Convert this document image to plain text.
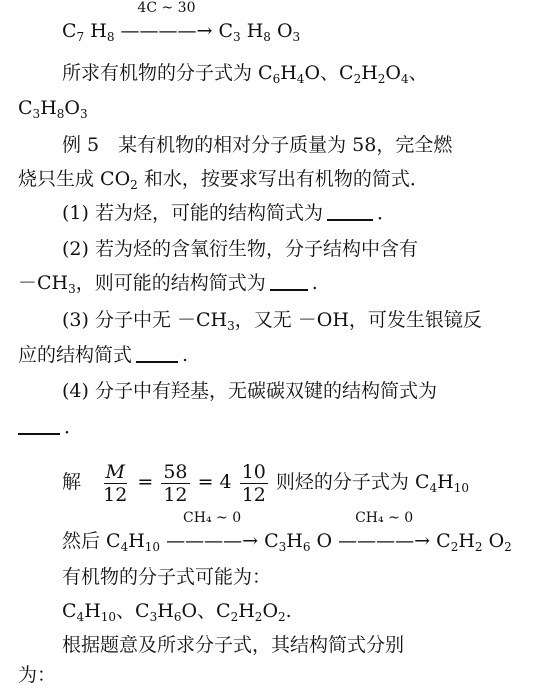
$C_7$ $H_8$
4C ~ 30
————→ $C_3$ $H_8$ $O_3$
所求有机物的分子式为 $C_6H_4O$、$C_2H_2O_4$、
$C_3H_8O_3$
例 5　某有机物的相对分子质量为 58，完全燃
烧只生成 $CO_2$ 和水，按要求写出有机物的简式．
(1) 若为烃，可能的结构简式为	．
(2) 若为烃的含氧衍生物，分子结构中含有
$-CH_3$，则可能的结构简式为 .
(3) 分子中无 $-CH_3$，又无 －OH，可发生银镜反
应的结构简式	.
(4) 分子中有羟基，无碳碳双键的结构简式为
．
解 $\frac{M}{12} = \frac{58}{12} = 4 \frac{10}{12}$ 则烃的分子式为 $C_4H_{10}$
然后 $C_4H_{10}$
CH₄ ~ 0
————→ $C_3H_6$ O
CH₄ ~ 0
————→ $C_2H_2$ $O_2$
有机物的分子式可能为：
$C_4H_{10}$、$C_3H_6O$、$C_2H_2O_2$.
根据题意及所求分子式，其结构简式分别
为：
